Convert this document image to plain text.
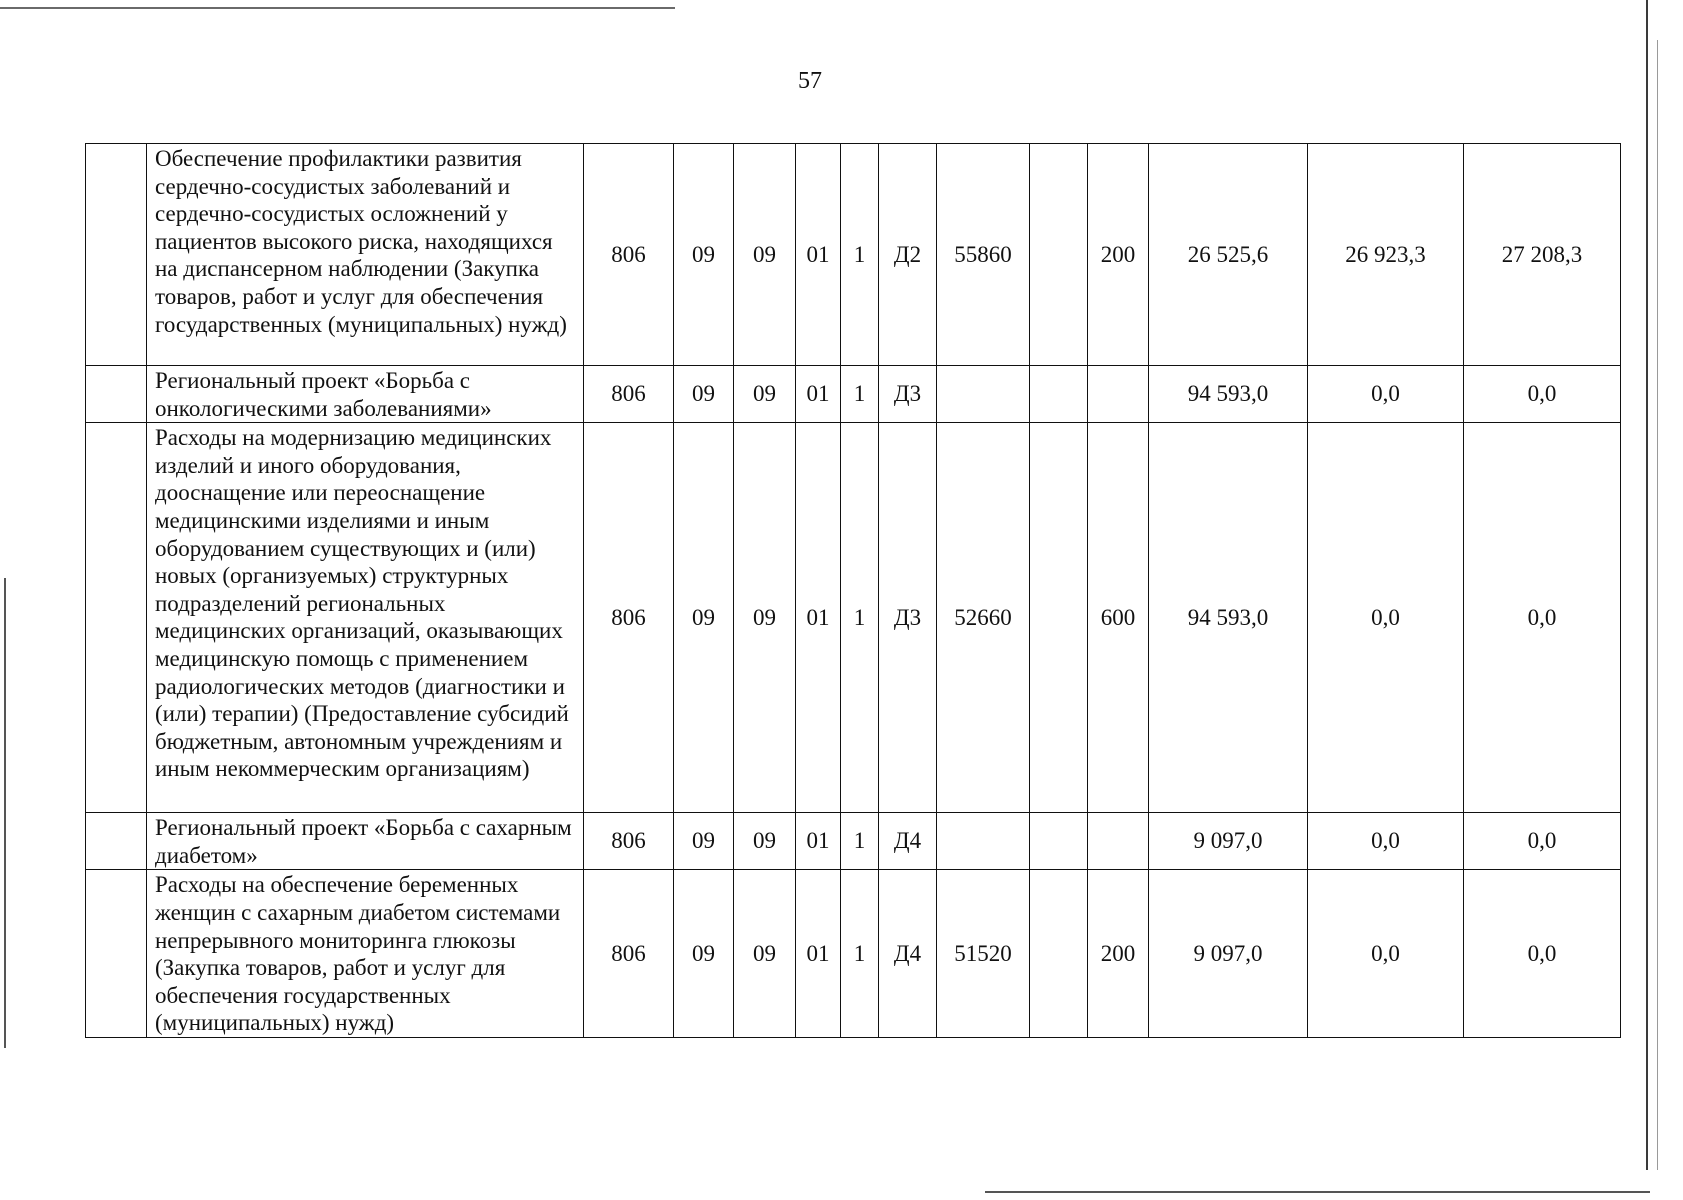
57
	Обеспечение профилактики развития сердечно-сосудистых заболеваний и сердечно-сосудистых осложнений у пациентов высокого риска, находящихся на диспансерном наблюдении (Закупка товаров, работ и услуг для обеспечения государственных (муниципальных) нужд)	806	09	09	01	1	Д2	55860		200	26 525,6	26 923,3	27 208,3
	Региональный проект «Борьба с онкологическими заболеваниями»	806	09	09	01	1	Д3				94 593,0	0,0	0,0
	Расходы на модернизацию медицинских изделий и иного оборудования, дооснащение или переоснащение медицинскими изделиями и иным оборудованием существующих и (или) новых (организуемых) структурных подразделений региональных медицинских организаций, оказывающих медицинскую помощь с применением радиологических методов (диагностики и (или) терапии) (Предоставление субсидий бюджетным, автономным учреждениям и иным некоммерческим организациям)	806	09	09	01	1	Д3	52660		600	94 593,0	0,0	0,0
	Региональный проект «Борьба с сахарным диабетом»	806	09	09	01	1	Д4				9 097,0	0,0	0,0
	Расходы на обеспечение беременных женщин с сахарным диабетом системами непрерывного мониторинга глюкозы (Закупка товаров, работ и услуг для обеспечения государственных (муниципальных) нужд)	806	09	09	01	1	Д4	51520		200	9 097,0	0,0	0,0
